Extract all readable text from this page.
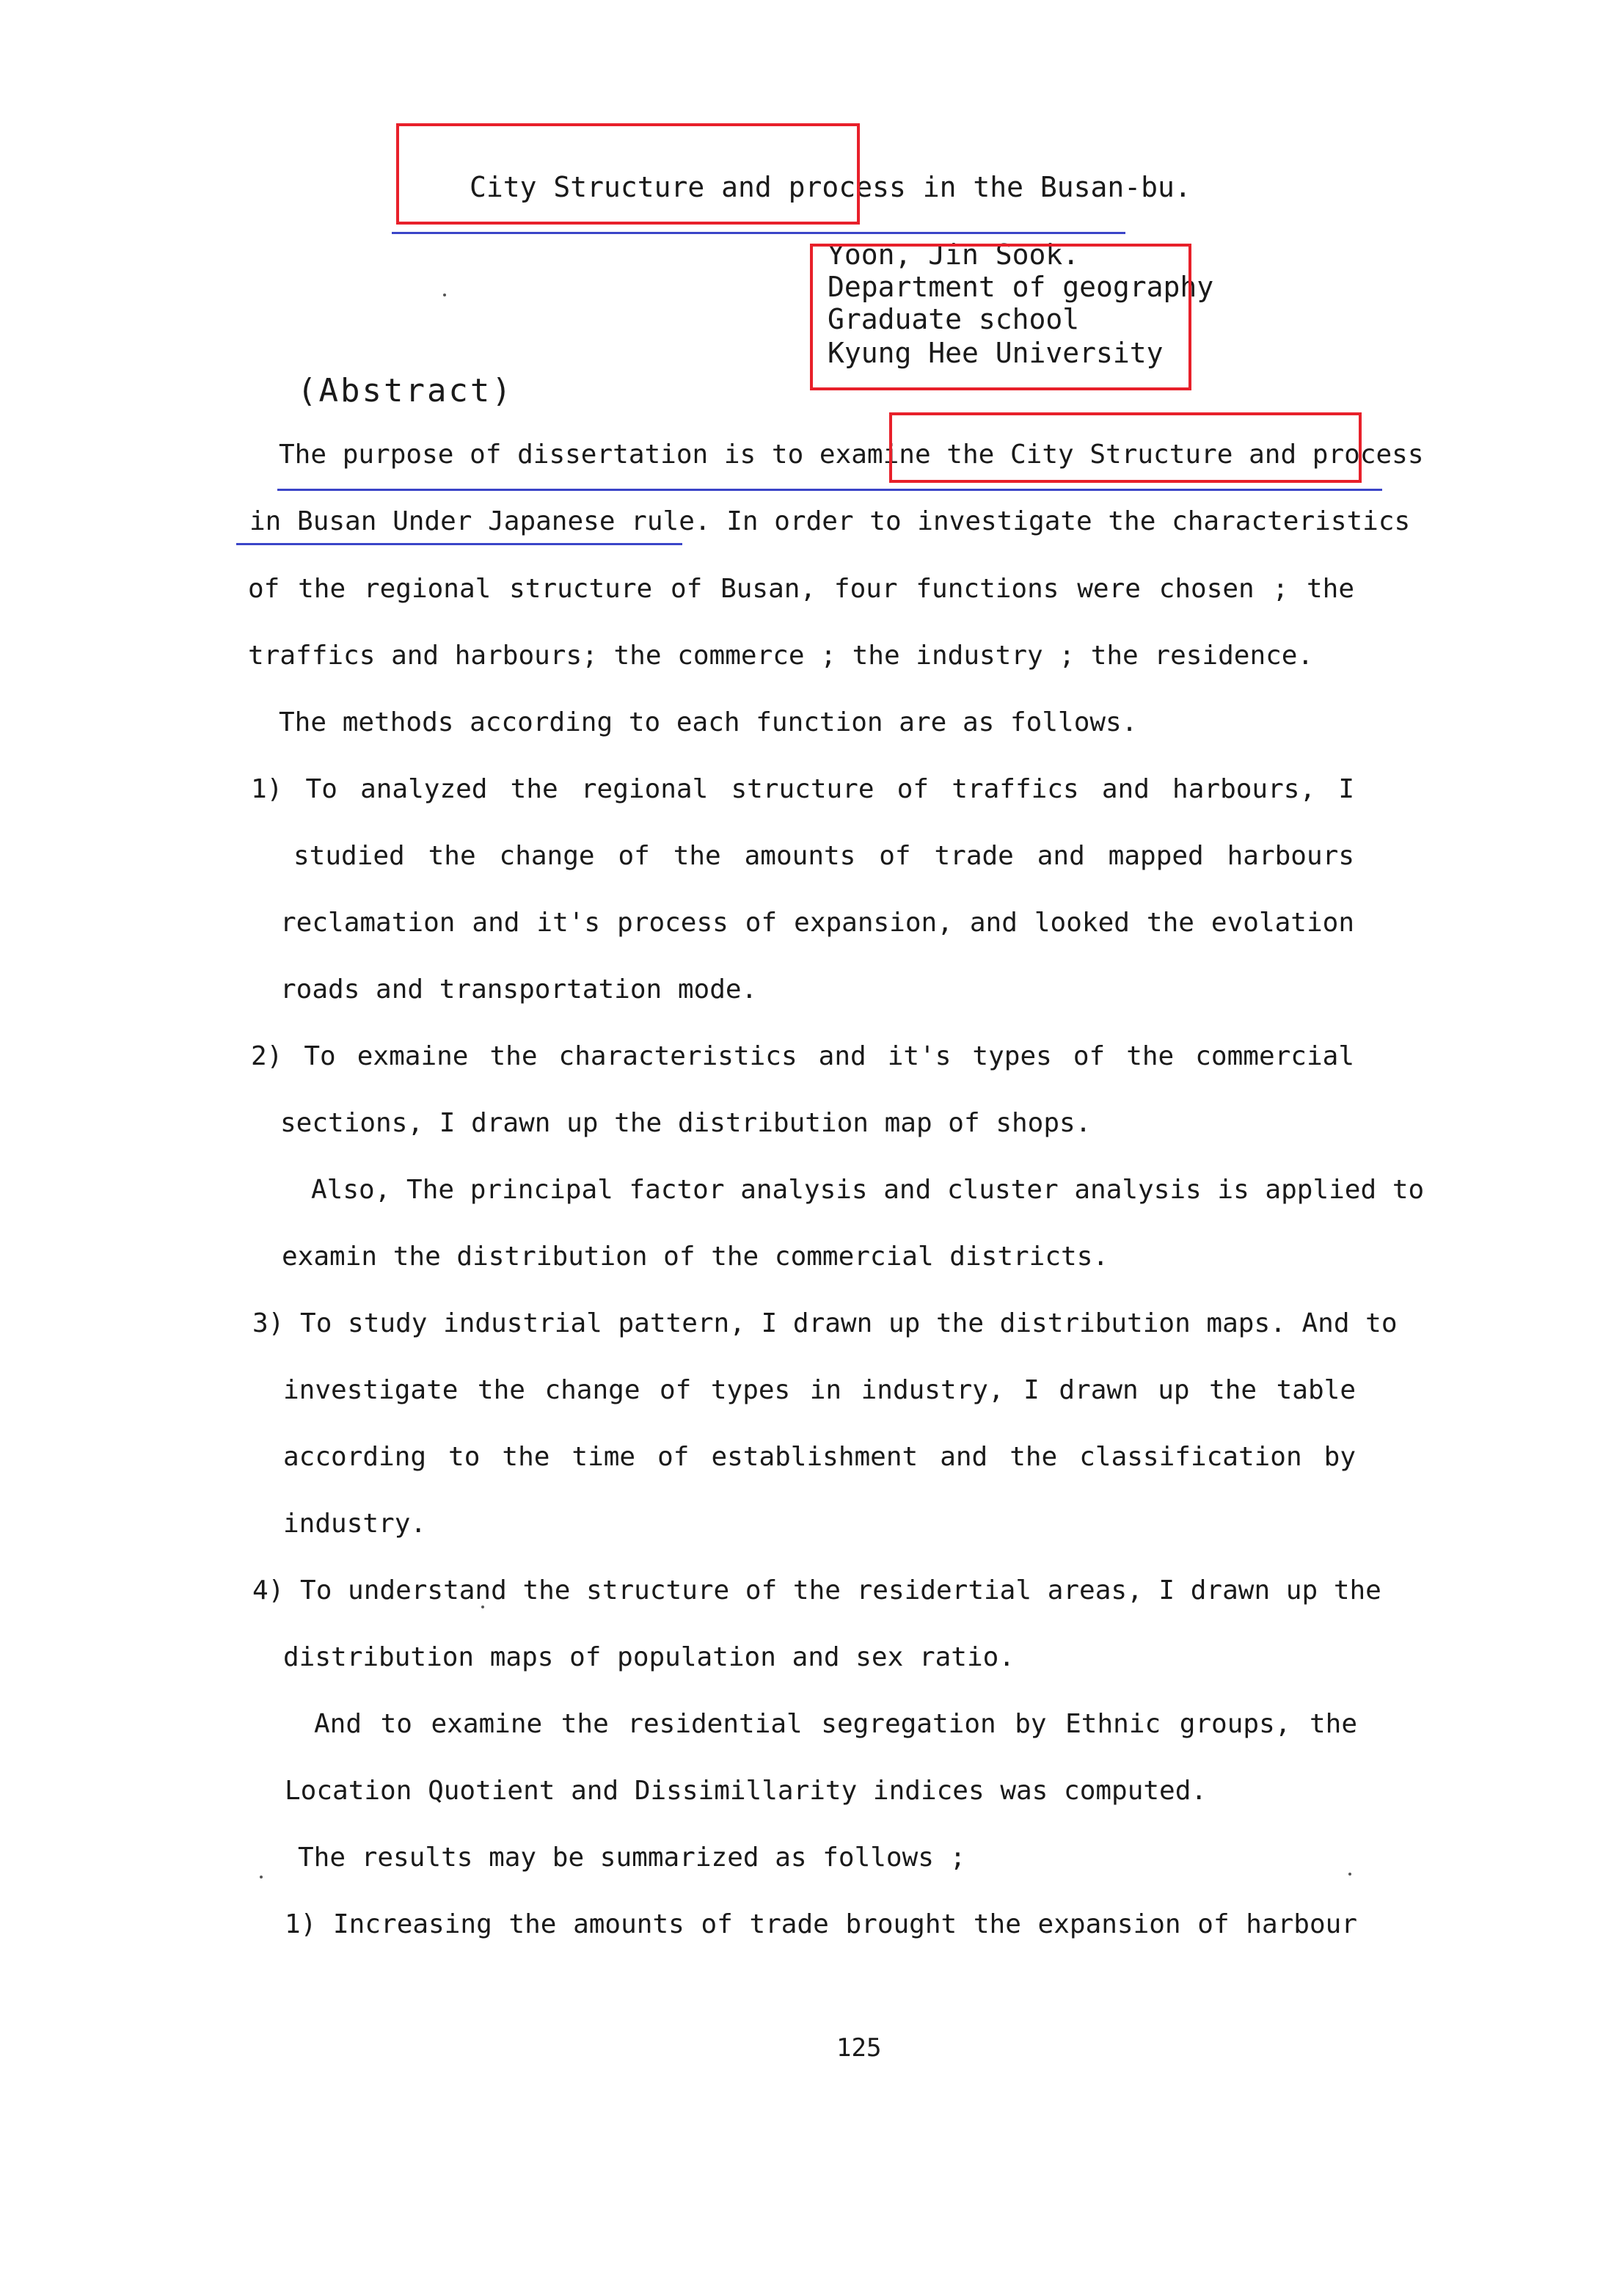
City Structure and process in the Busan-bu.
Yoon, Jin Sook.
Department of geography
Graduate school
Kyung Hee University
(Abstract)
The purpose of dissertation is to examine the City Structure and process
in Busan Under Japanese rule. In order to investigate the characteristics
of the regional structure of Busan, four functions were chosen ; the
traffics and harbours; the commerce ; the industry ; the residence.
The methods according to each function are as follows.
1) To analyzed the regional structure of traffics and harbours, I
studied the change of the amounts of trade and mapped harbours
reclamation and it's process of expansion, and looked the evolation
roads and transportation mode.
2) To exmaine the characteristics and it's types of the commercial
sections, I drawn up the distribution map of shops.
Also, The principal factor analysis and cluster analysis is applied to
examin the distribution of the commercial districts.
3) To study industrial pattern, I drawn up the distribution maps. And to
investigate the change of types in industry, I drawn up the table
according to the time of establishment and the classification by
industry.
4) To understand the structure of the residertial areas, I drawn up the
distribution maps of population and sex ratio.
And to examine the residential segregation by Ethnic groups, the
Location Quotient and Dissimillarity indices was computed.
The results may be summarized as follows ;
1) Increasing the amounts of trade brought the expansion of harbour
125
